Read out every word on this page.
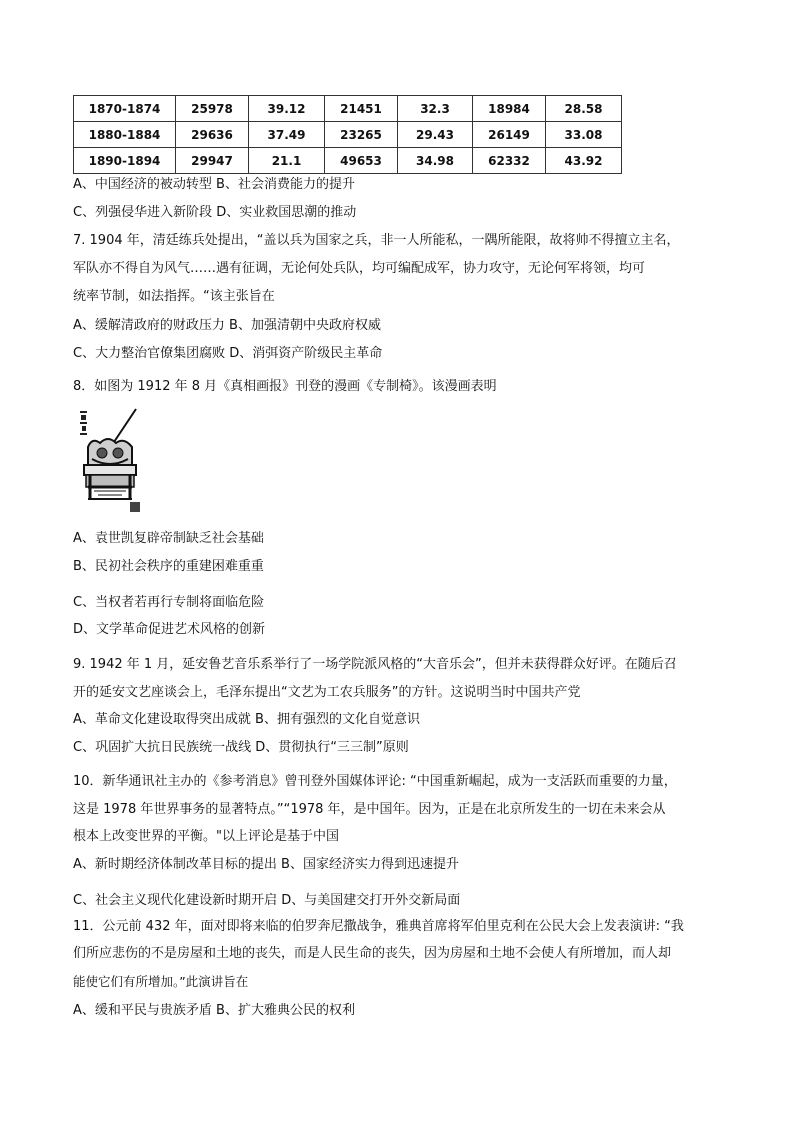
1870-1874	25978	39.12	21451	32.3	18984	28.58
1880-1884	29636	37.49	23265	29.43	26149	33.08
1890-1894	29947	21.1	49653	34.98	62332	43.92
A、中国经济的被动转型 B、社会消费能力的提升
C、列强侵华进入新阶段 D、实业救国思潮的推动
7. 1904 年，清廷练兵处提出，“盖以兵为国家之兵，非一人所能私，一隅所能限，故将帅不得擅立主名，
军队亦不得自为风气……遇有征调，无论何处兵队，均可编配成军，协力攻守，无论何军将领，均可
统率节制，如法指挥。“该主张旨在
A、缓解清政府的财政压力 B、加强清朝中央政府权威
C、大力整治官僚集团腐败 D、消弭资产阶级民主革命
8．如图为 1912 年 8 月《真相画报》刊登的漫画《专制椅》。该漫画表明
A、袁世凯复辟帝制缺乏社会基础
B、民初社会秩序的重建困难重重
C、当权者若再行专制将面临危险
D、文学革命促进艺术风格的创新
9. 1942 年 1 月，延安鲁艺音乐系举行了一场学院派风格的“大音乐会”，但并未获得群众好评。在随后召
开的延安文艺座谈会上，毛泽东提出“文艺为工农兵服务”的方针。这说明当时中国共产党
A、革命文化建设取得突出成就 B、拥有强烈的文化自觉意识
C、巩固扩大抗日民族统一战线 D、贯彻执行“三三制”原则
10．新华通讯社主办的《参考消息》曾刊登外国媒体评论: “中国重新崛起，成为一支活跃而重要的力量，
这是 1978 年世界事务的显著特点。”“1978 年，是中国年。因为，正是在北京所发生的一切在未来会从
根本上改变世界的平衡。"以上评论是基于中国
A、新时期经济体制改革目标的提出 B、国家经济实力得到迅速提升
C、社会主义现代化建设新时期开启 D、与美国建交打开外交新局面
11．公元前 432 年，面对即将来临的伯罗奔尼撒战争，雅典首席将军伯里克利在公民大会上发表演讲: “我
们所应悲伤的不是房屋和土地的丧失，而是人民生命的丧失，因为房屋和土地不会使人有所增加，而人却
能使它们有所增加。”此演讲旨在
A、缓和平民与贵族矛盾 B、扩大雅典公民的权利
